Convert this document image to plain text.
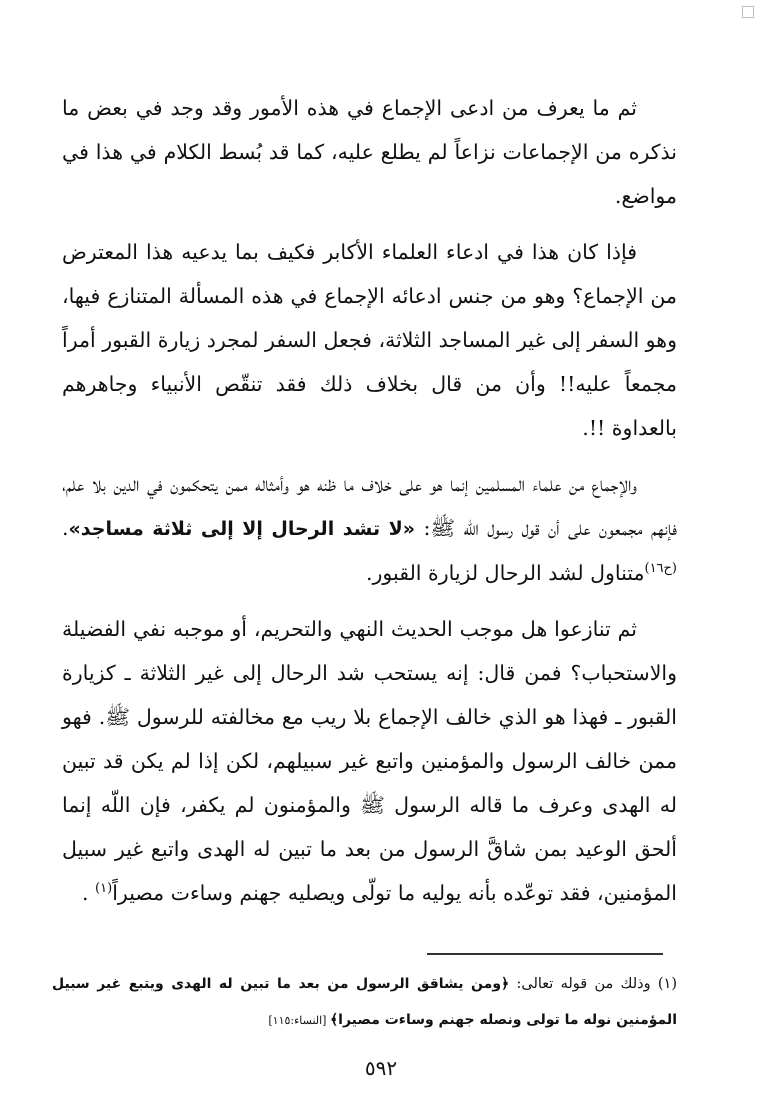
ثم ما يعرف من ادعى الإجماع في هذه الأمور وقد وجد في بعض ما نذكره من الإجماعات نزاعاً لم يطلع عليه، كما قد بُسط الكلام في هذا في مواضع.

فإذا كان هذا في ادعاء العلماء الأكابر فكيف بما يدعيه هذا المعترض من الإجماع؟ وهو من جنس ادعائه الإجماع في هذه المسألة المتنازع فيها، وهو السفر إلى غير المساجد الثلاثة، فجعل السفر لمجرد زيارة القبور أمراً مجمعاً عليه!! وأن من قال بخلاف ذلك فقد تنقّص الأنبياء وجاهرهم بالعداوة !!.

والإجماع من علماء المسلمين إنما هو على خلاف ما ظنه هو وأمثاله ممن يتحكمون في الدين بلا علم، فإنهم مجمعون على أن قول رسول اللّه ﷺ: «لا تشد الرحال إلا إلى ثلاثة مساجد».$^{(ح١٦)}$متناول لشد الرحال لزيارة القبور.

ثم تنازعوا هل موجب الحديث النهي والتحريم، أو موجبه نفي الفضيلة والاستحباب؟ فمن قال: إنه يستحب شد الرحال إلى غير الثلاثة ـ كزيارة القبور ـ فهذا هو الذي خالف الإجماع بلا ريب مع مخالفته للرسول ﷺ. فهو ممن خالف الرسول والمؤمنين واتبع غير سبيلهم، لكن إذا لم يكن قد تبين له الهدى وعرف ما قاله الرسول ﷺ والمؤمنون لم يكفر، فإن اللّه إنما ألحق الوعيد بمن شاقَّ الرسول من بعد ما تبين له الهدى واتبع غير سبيل المؤمنين، فقد توعّده بأنه يوليه ما تولّى ويصليه جهنم وساءت مصيراً$^{(١)}$ .

(١) وذلك من قوله تعالى: ﴿ومن يشاقق الرسول من بعد ما تبين له الهدى ويتبع غير سبيل المؤمنين نوله ما تولى ونصله جهنم وساءت مصيرا﴾ [النساء:١١٥]
٥٩٢
